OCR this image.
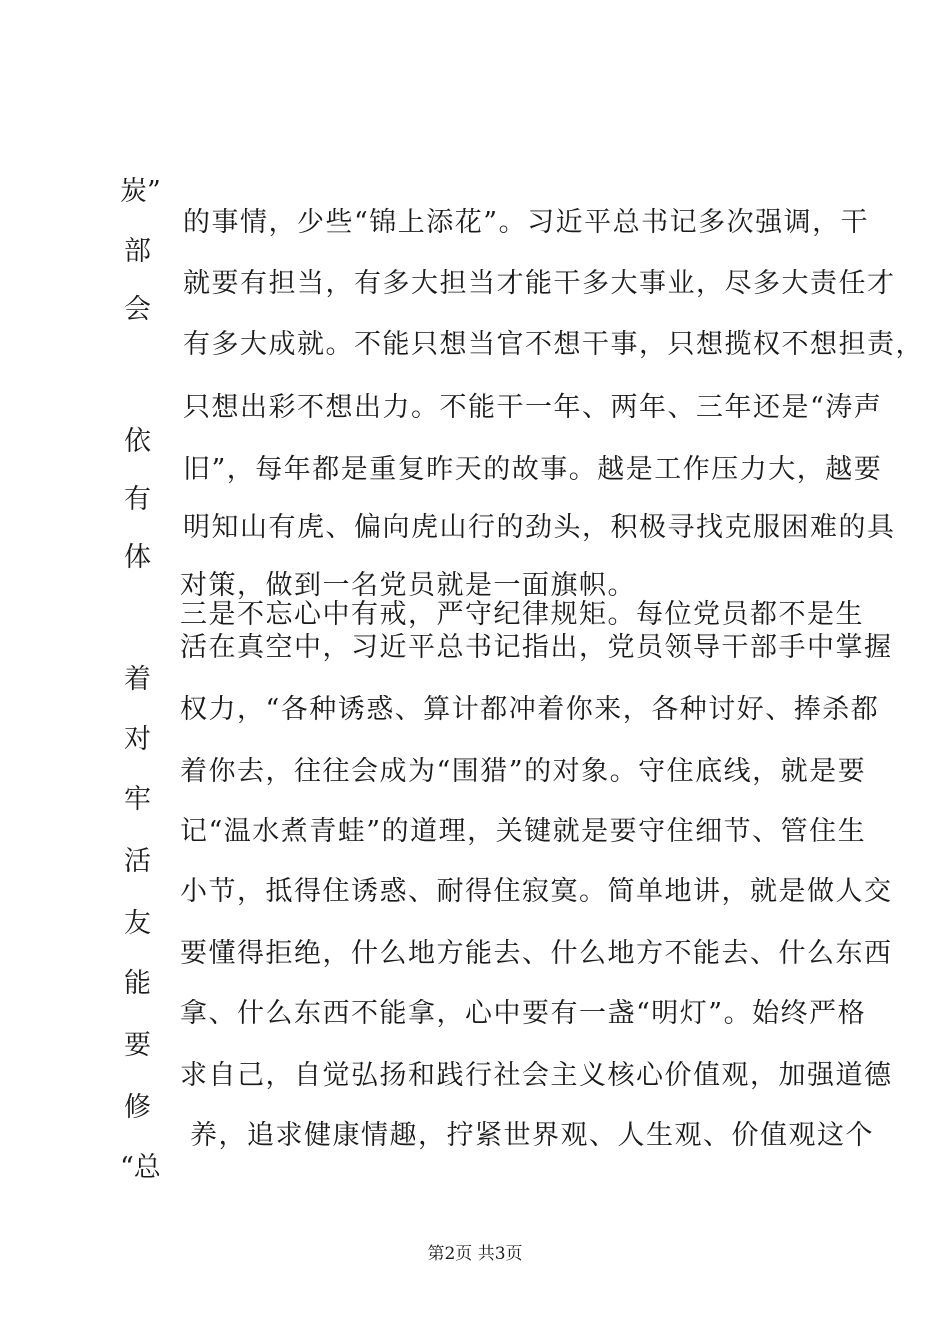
炭”
部
会
依
有
体
着
对
牢
活
友
能
要
修
“总
的事情，少些“锦上添花”。习近平总书记多次强调，干
就要有担当，有多大担当才能干多大事业，尽多大责任才
有多大成就。不能只想当官不想干事，只想揽权不想担责，
只想出彩不想出力。不能干一年、两年、三年还是“涛声
旧”，每年都是重复昨天的故事。越是工作压力大，越要
明知山有虎、偏向虎山行的劲头，积极寻找克服困难的具
对策，做到一名党员就是一面旗帜。
三是不忘心中有戒，严守纪律规矩。每位党员都不是生
活在真空中，习近平总书记指出，党员领导干部手中掌握
权力，“各种诱惑、算计都冲着你来，各种讨好、捧杀都
着你去，往往会成为“围猎”的对象。守住底线，就是要
记“温水煮青蛙”的道理，关键就是要守住细节、管住生
小节，抵得住诱惑、耐得住寂寞。简单地讲，就是做人交
要懂得拒绝，什么地方能去、什么地方不能去、什么东西
拿、什么东西不能拿，心中要有一盏“明灯”。始终严格
求自己，自觉弘扬和践行社会主义核心价值观，加强道德
养，追求健康情趣，拧紧世界观、人生观、价值观这个
第2页 共3页
